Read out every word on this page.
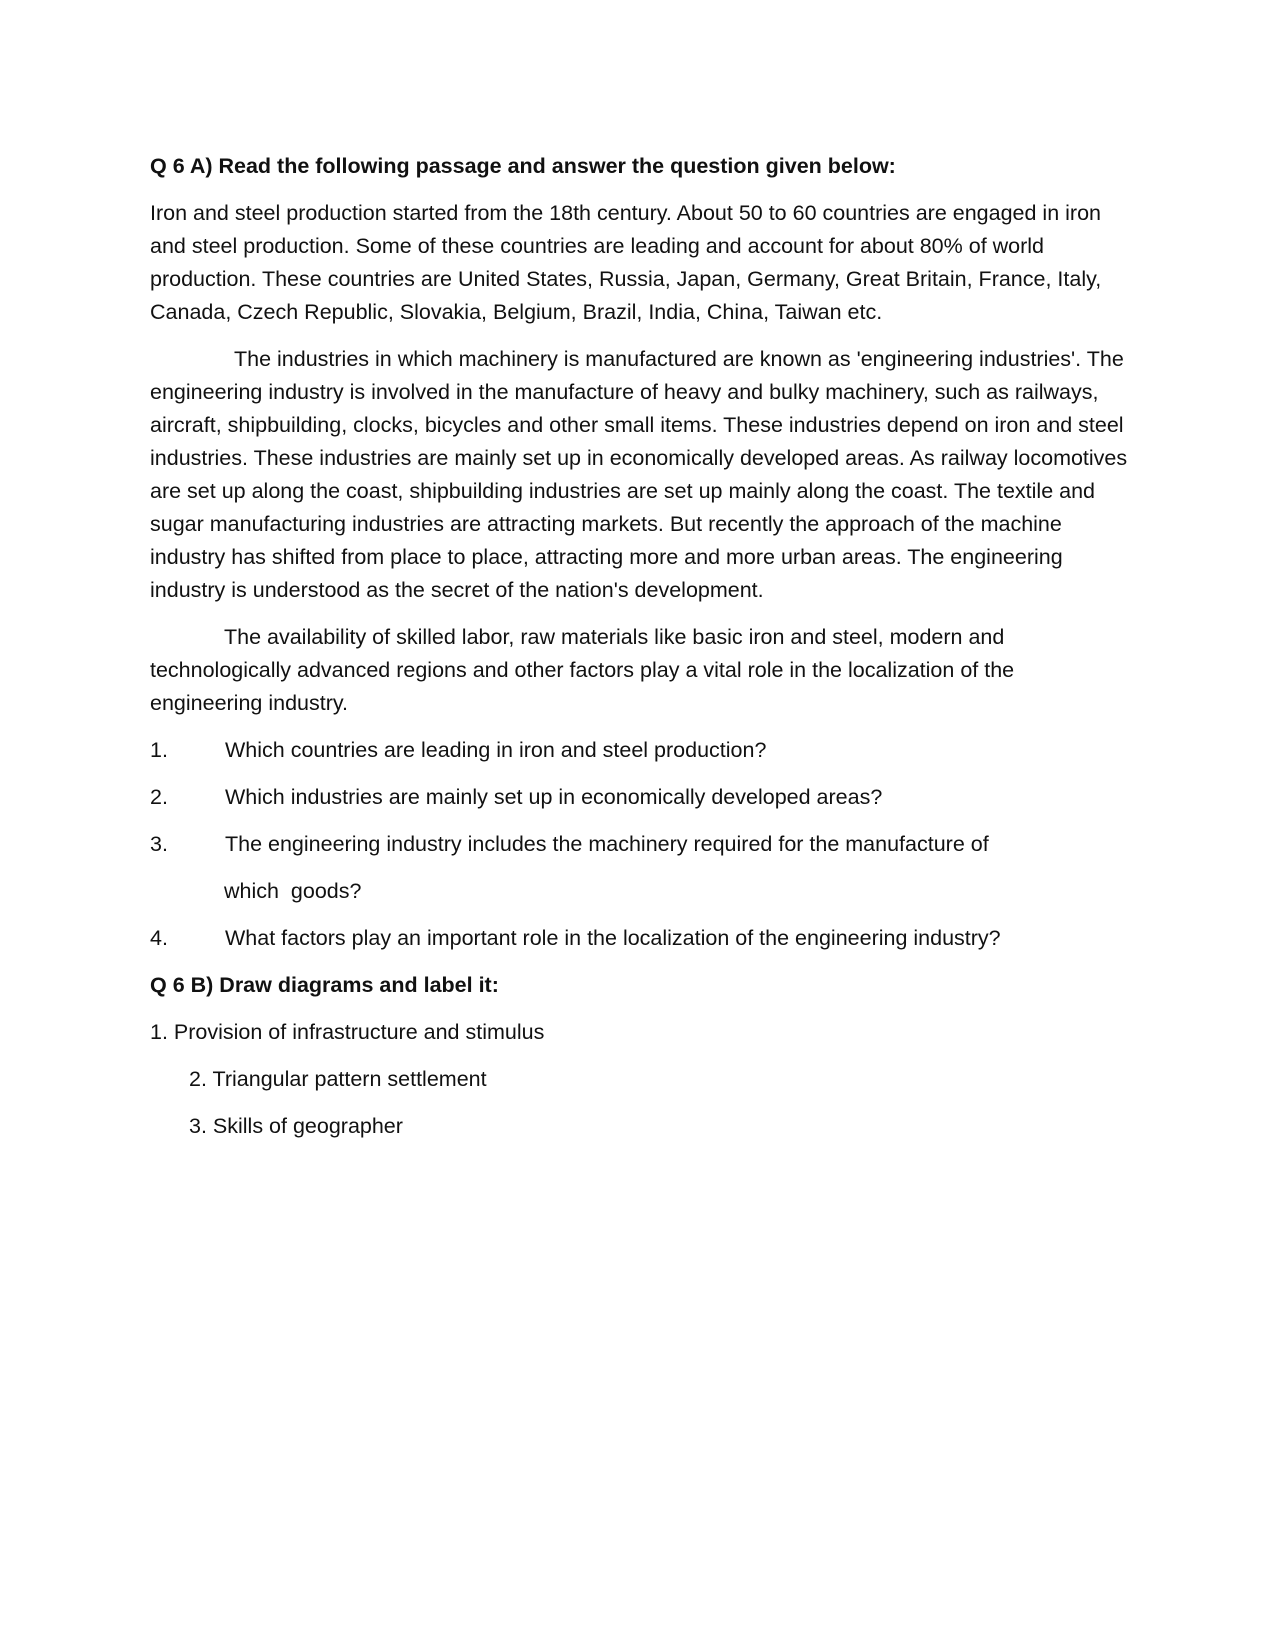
Q 6 A) Read the following passage and answer the question given below:

Iron and steel production started from the 18th century. About 50 to 60 countries are engaged in iron and steel production. Some of these countries are leading and account for about 80% of world production. These countries are United States, Russia, Japan, Germany, Great Britain, France, Italy, Canada, Czech Republic, Slovakia, Belgium, Brazil, India, China, Taiwan etc.

The industries in which machinery is manufactured are known as 'engineering industries'. The engineering industry is involved in the manufacture of heavy and bulky machinery, such as railways, aircraft, shipbuilding, clocks, bicycles and other small items. These industries depend on iron and steel industries. These industries are mainly set up in economically developed areas. As railway locomotives are set up along the coast, shipbuilding industries are set up mainly along the coast. The textile and sugar manufacturing industries are attracting markets. But recently the approach of the machine industry has shifted from place to place, attracting more and more urban areas. The engineering industry is understood as the secret of the nation's development.

The availability of skilled labor, raw materials like basic iron and steel, modern and technologically advanced regions and other factors play a vital role in the localization of the engineering industry.

1.	Which countries are leading in iron and steel production?
2.	Which industries are mainly set up in economically developed areas?
3.	The engineering industry includes the machinery required for the manufacture of

which  goods?

4.	What factors play an important role in the localization of the engineering industry?

Q 6 B) Draw diagrams and label it:

1. Provision of infrastructure and stimulus

2. Triangular pattern settlement

3. Skills of geographer
